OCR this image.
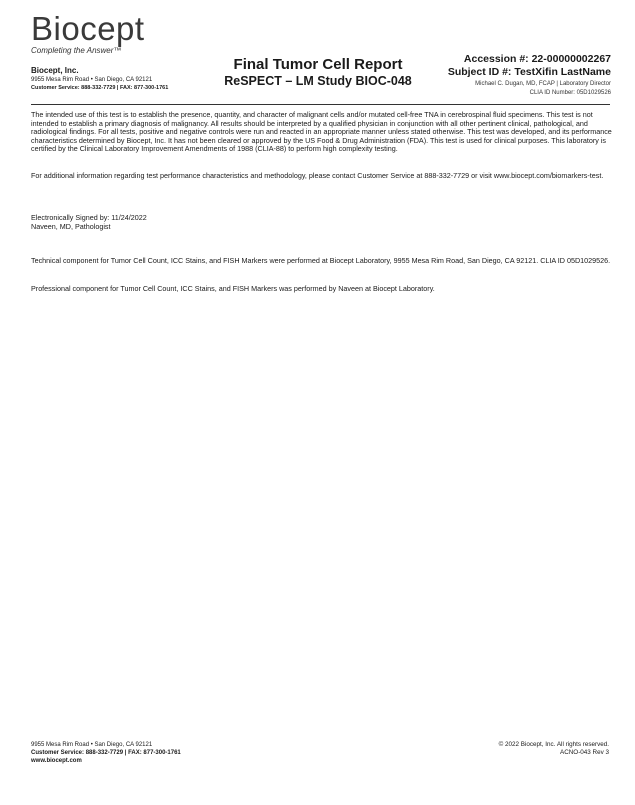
Biocept
Completing the Answer™
Biocept, Inc.
9955 Mesa Rim Road • San Diego, CA 92121
Customer Service: 888-332-7729 | FAX: 877-300-1761
Final Tumor Cell Report
ReSPECT – LM Study BIOC-048
Accession #: 22-00000002267
Subject ID #: TestXifin LastName
Michael C. Dugan, MD, FCAP | Laboratory Director
CLIA ID Number: 05D1029526
The intended use of this test is to establish the presence, quantity, and character of malignant cells and/or mutated cell-free TNA in cerebrospinal fluid specimens. This test is not intended to establish a primary diagnosis of malignancy. All results should be interpreted by a qualified physician in conjunction with all other pertinent clinical, pathological, and radiological findings. For all tests, positive and negative controls were run and reacted in an appropriate manner unless stated otherwise. This test was developed, and its performance characteristics determined by Biocept, Inc. It has not been cleared or approved by the US Food & Drug Administration (FDA). This test is used for clinical purposes. This laboratory is certified by the Clinical Laboratory Improvement Amendments of 1988 (CLIA-88) to perform high complexity testing.
For additional information regarding test performance characteristics and methodology, please contact Customer Service at 888-332-7729 or visit www.biocept.com/biomarkers-test.
Electronically Signed by: 11/24/2022
Naveen, MD, Pathologist
Technical component for Tumor Cell Count, ICC Stains, and FISH Markers were performed at Biocept Laboratory, 9955 Mesa Rim Road, San Diego, CA 92121. CLIA ID 05D1029526.
Professional component for Tumor Cell Count, ICC Stains, and FISH Markers was performed by Naveen at Biocept Laboratory.
9955 Mesa Rim Road • San Diego, CA 92121
Customer Service: 888-332-7729 | FAX: 877-300-1761
www.biocept.com
© 2022 Biocept, Inc. All rights reserved.
ACNO-043 Rev 3
